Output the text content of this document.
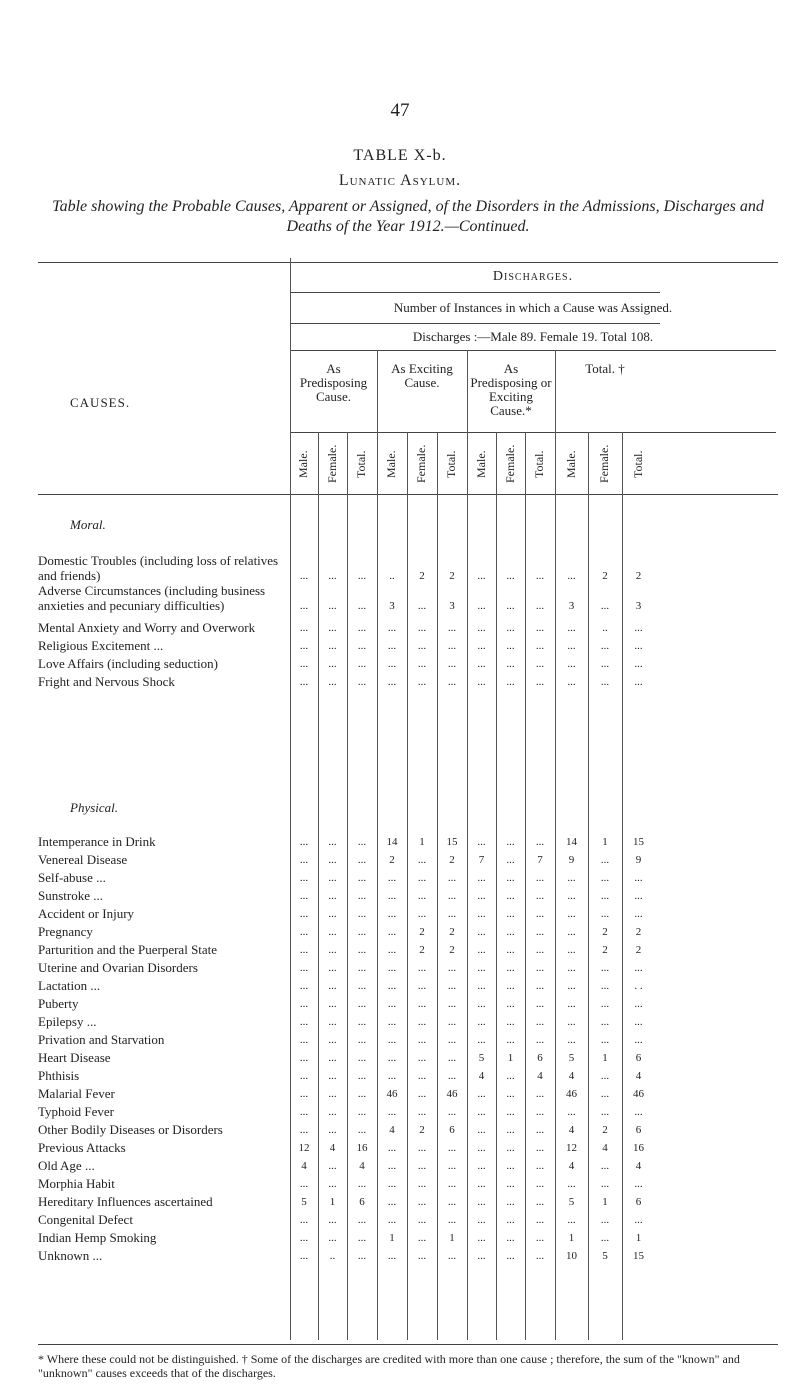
47
TABLE X-b.
Lunatic Asylum.
Table showing the Probable Causes, Apparent or Assigned, of the Disorders in the Admissions, Discharges and Deaths of the Year 1912.—Continued.
Discharges.
Number of Instances in which a Cause was Assigned.
Discharges :—Male 89. Female 19. Total 108.
CAUSES.
As Predisposing Cause.
As Exciting Cause.
As Predisposing or Exciting Cause.*
Total. †
Male. Female. Total. Male. Female. Total. Male. Female. Total. Male. Female. Total.
Moral.
Physical.
Domestic Troubles (including loss of relatives and friends)	...	...	...	..	2	2	...	...	...	...	2	2
Adverse Circumstances (including business anxieties and pecuniary difficulties)	...	...	...	3	...	3	...	...	...	3	...	3
Mental Anxiety and Worry and Overwork	...	...	...	...	...	...	...	...	...	...	..	...
Religious Excitement ...	...	...	...	...	...	...	...	...	...	...	...	...
Love Affairs (including seduction)	...	...	...	...	...	...	...	...	...	...	...	...
Fright and Nervous Shock	...	...	...	...	...	...	...	...	...	...	...	...
Intemperance in Drink	...	...	...	14	1	15	...	...	...	14	1	15
Venereal Disease	...	...	...	2	...	2	7	...	7	9	...	9
Self-abuse ...	...	...	...	...	...	...	...	...	...	...	...	...
Sunstroke ...	...	...	...	...	...	...	...	...	...	...	...	...
Accident or Injury	...	...	...	...	...	...	...	...	...	...	...	...
Pregnancy	...	...	...	...	2	2	...	...	...	...	2	2
Parturition and the Puerperal State	...	...	...	...	2	2	...	...	...	...	2	2
Uterine and Ovarian Disorders	...	...	...	...	...	...	...	...	...	...	...	...
Lactation ...	...	...	...	...	...	...	...	...	...	...	...	. .
Puberty	...	...	...	...	...	...	...	...	...	...	...	...
Epilepsy ...	...	...	...	...	...	...	...	...	...	...	...	...
Privation and Starvation	...	...	...	...	...	...	...	...	...	...	...	...
Heart Disease	...	...	...	...	...	...	5	1	6	5	1	6
Phthisis	...	...	...	...	...	...	4	...	4	4	...	4
Malarial Fever	...	...	...	46	...	46	...	...	...	46	...	46
Typhoid Fever	...	...	...	...	...	...	...	...	...	...	...	...
Other Bodily Diseases or Disorders	...	...	...	4	2	6	...	...	...	4	2	6
Previous Attacks	12	4	16	...	...	...	...	...	...	12	4	16
Old Age ...	4	...	4	...	...	...	...	...	...	4	...	4
Morphia Habit	...	...	...	...	...	...	...	...	...	...	...	...
Hereditary Influences ascertained	5	1	6	...	...	...	...	...	...	5	1	6
Congenital Defect	...	...	...	...	...	...	...	...	...	...	...	...
Indian Hemp Smoking	...	...	...	1	...	1	...	...	...	1	...	1
Unknown ...	...	..	...	...	...	...	...	...	...	10	5	15
* Where these could not be distinguished. † Some of the discharges are credited with more than one cause ; therefore, the sum of the "known" and "unknown" causes exceeds that of the discharges.
